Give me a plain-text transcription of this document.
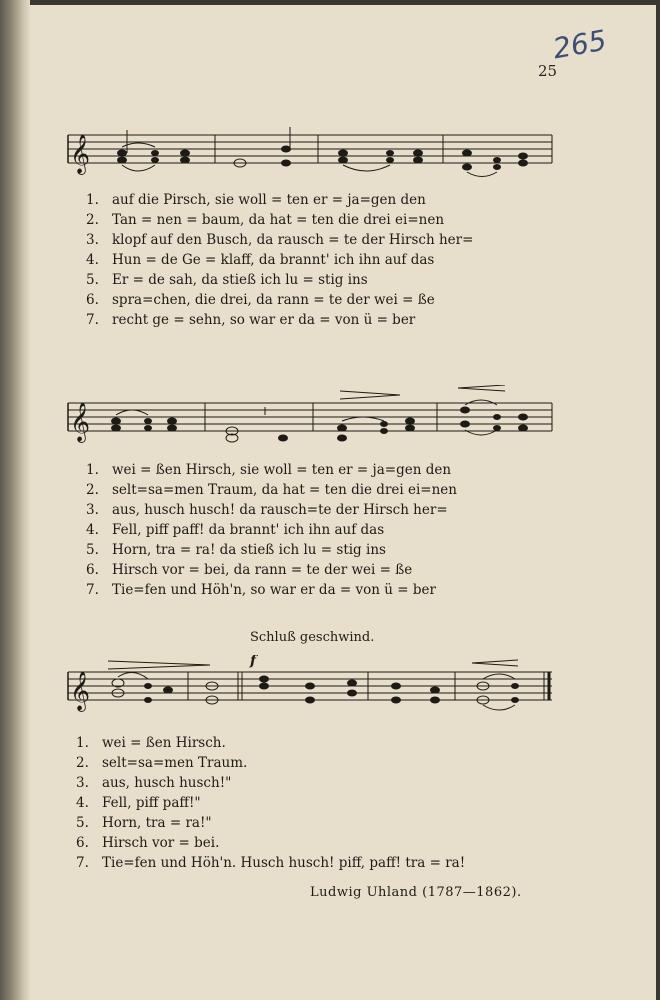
265
25
𝄞
1. auf die Pirsch, sie woll = ten er = ja=gen den
2. Tan = nen = baum, da hat = ten die drei ei=nen
3. klopf auf den Busch, da rausch = te der Hirsch her=
4. Hun = de Ge = klaff, da brannt' ich ihn auf das
5. Er = de sah, da stieß ich lu = stig ins
6. spra=chen, die drei, da rann = te der wei = ße
7. recht ge = sehn, so war er da = von ü = ber
𝄞
1. wei = ßen Hirsch, sie woll = ten er = ja=gen den
2. selt=sa=men Traum, da hat = ten die drei ei=nen
3. aus, husch husch! da rausch=te der Hirsch her=
4. Fell, piff paff! da brannt' ich ihn auf das
5. Horn, tra = ra! da stieß ich lu = stig ins
6. Hirsch vor = bei, da rann = te der wei = ße
7. Tie=fen und Höh'n, so war er da = von ü = ber
Schluß geschwind.
𝄞
f
1. wei = ßen Hirsch.
2. selt=sa=men Traum.
3. aus, husch husch!"
4. Fell, piff paff!"
5. Horn, tra = ra!"
6. Hirsch vor = bei.
7. Tie=fen und Höh'n. Husch husch! piff, paff! tra = ra!
Ludwig Uhland (1787—1862).
